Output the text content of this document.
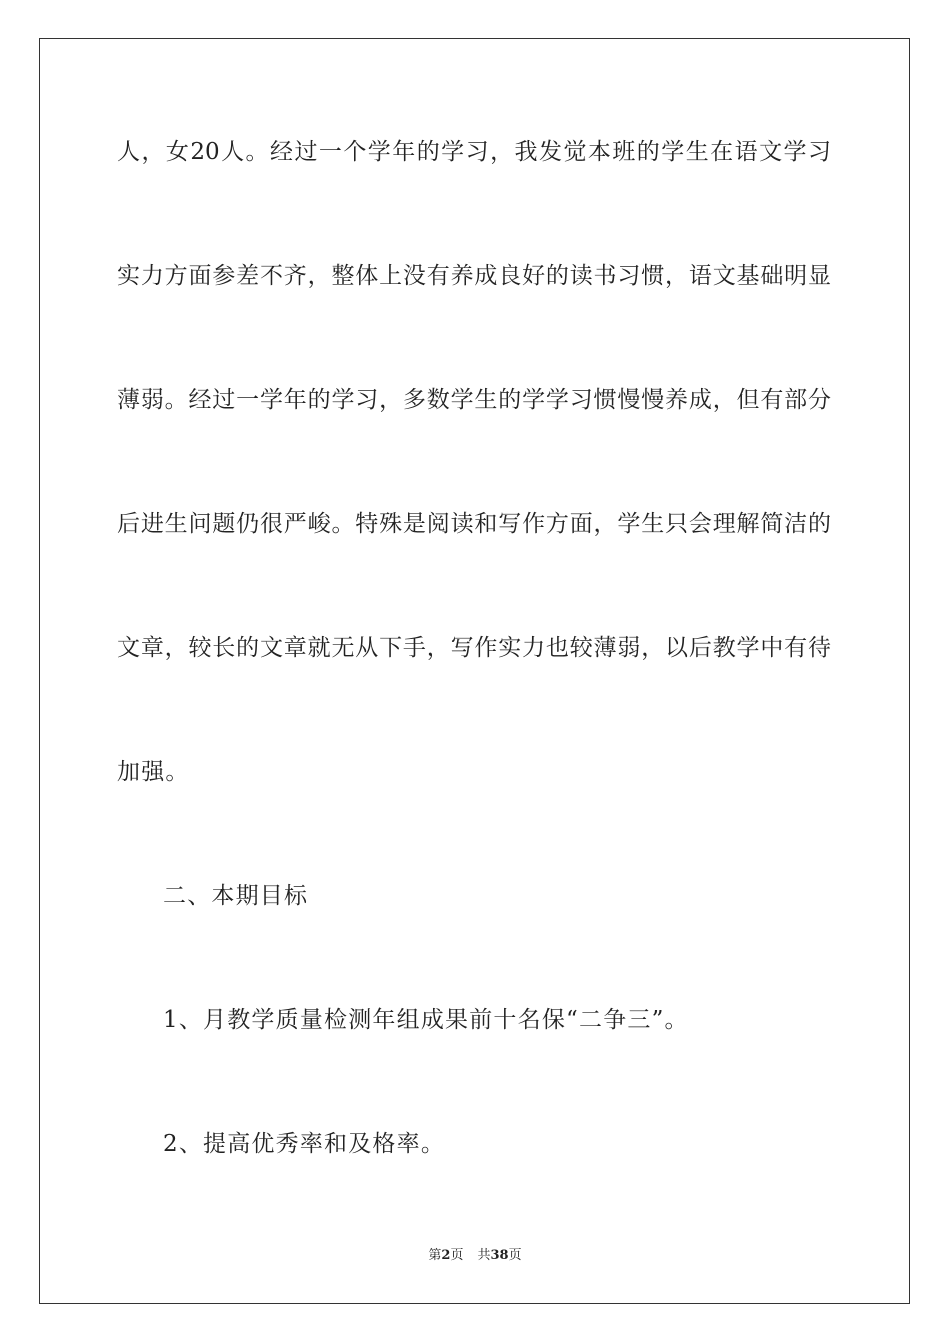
人，女20人。经过一个学年的学习，我发觉本班的学生在语文学习
实力方面参差不齐，整体上没有养成良好的读书习惯，语文基础明显
薄弱。经过一学年的学习，多数学生的学学习惯慢慢养成，但有部分
后进生问题仍很严峻。特殊是阅读和写作方面，学生只会理解简洁的
文章，较长的文章就无从下手，写作实力也较薄弱，以后教学中有待
加强。
二、本期目标
1、月教学质量检测年组成果前十名保“二争三”。
2、提高优秀率和及格率。
第2页 共38页
